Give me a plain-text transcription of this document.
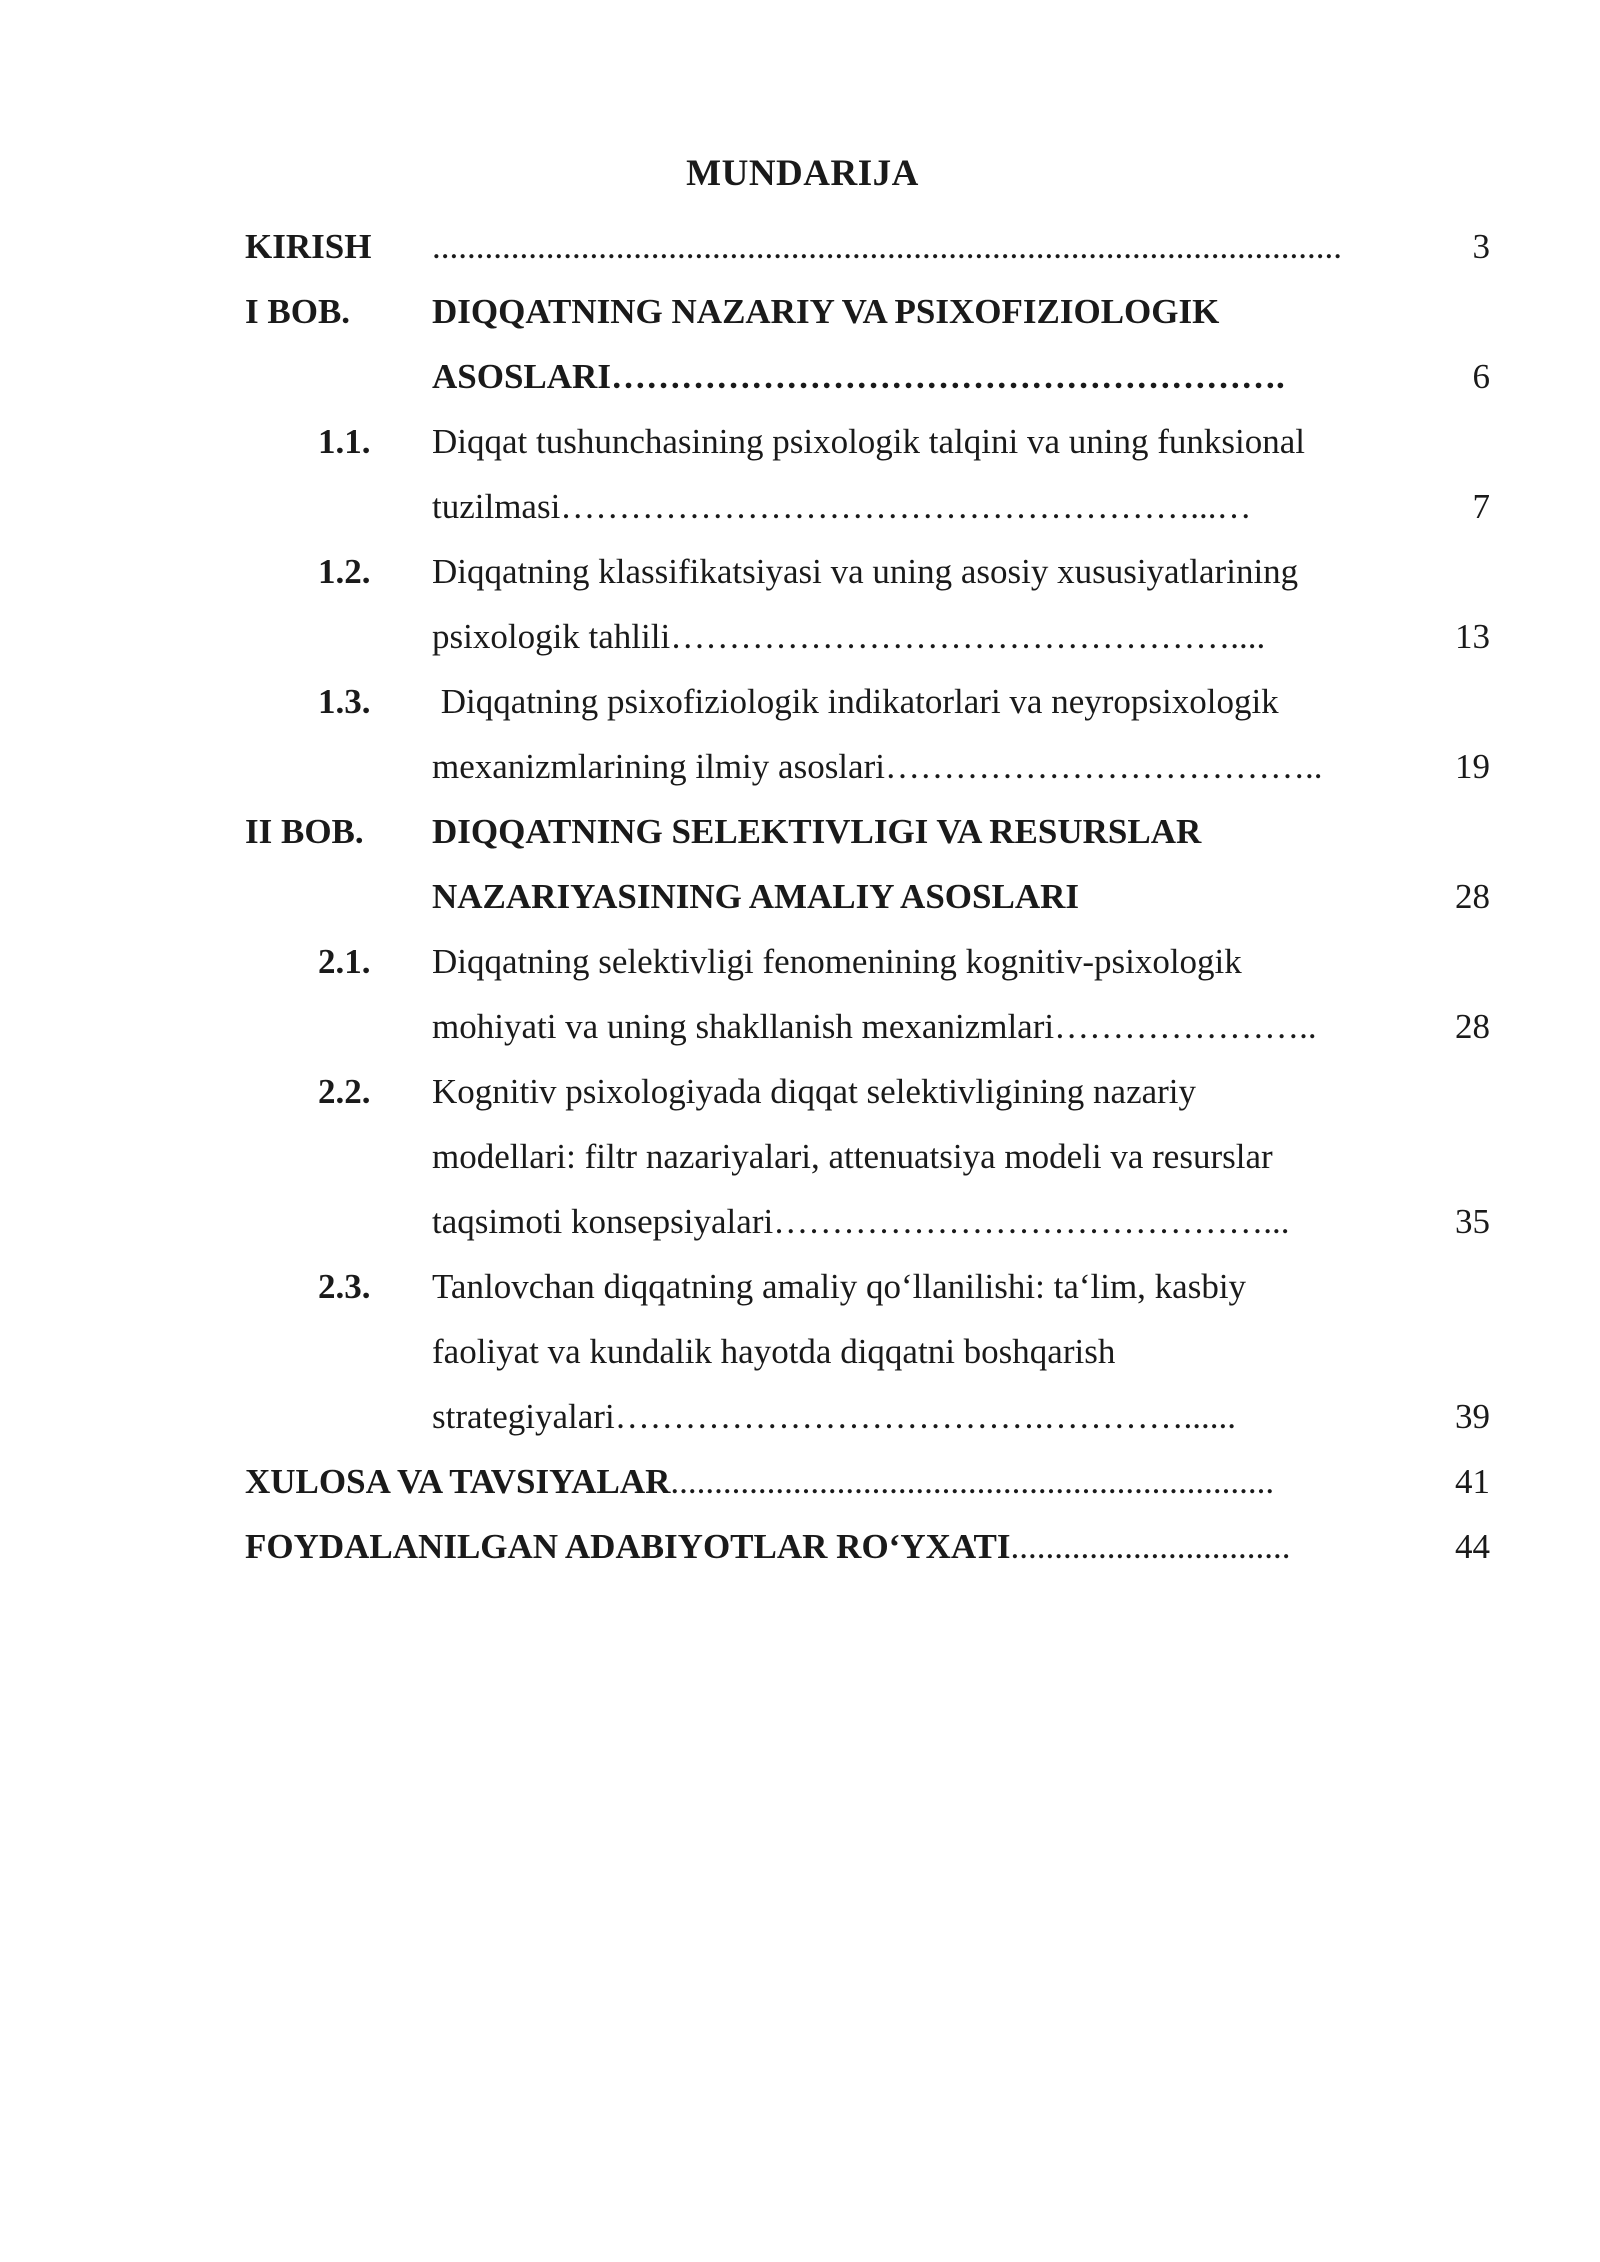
MUNDARIJA
KIRISH ........................................................................................................	3
I BOB. DIQQATNING NAZARIY VA PSIXOFIZIOLOGIK
ASOSLARI………………………………………………….	6
1.1. Diqqat tushunchasining psixologik talqini va uning funksional
tuzilmasi………………………………………………...…	7
1.2. Diqqatning klassifikatsiyasi va uning asosiy xususiyatlarining
psixologik tahlili…………………………………………....	13
1.3. Diqqatning psixofiziologik indikatorlari va neyropsixologik
mexanizmlarining ilmiy asoslari………………………………..	19
II BOB. DIQQATNING SELEKTIVLIGI VA RESURSLAR
NAZARIYASINING AMALIY ASOSLARI	28
2.1. Diqqatning selektivligi fenomenining kognitiv-psixologik
mohiyati va uning shakllanish mexanizmlari…………………..	28
2.2. Kognitiv psixologiyada diqqat selektivligining nazariy
modellari: filtr nazariyalari, attenuatsiya modeli va resurslar
taqsimoti konsepsiyalari……………………………………...	35
2.3. Tanlovchan diqqatning amaliy qo‘llanilishi: ta‘lim, kasbiy
faoliyat va kundalik hayotda diqqatni boshqarish
strategiyalari……………………………….…………......	39
XULOSA VA TAVSIYALAR.....................................................................	41
FOYDALANILGAN ADABIYOTLAR RO‘YXATI................................	44
